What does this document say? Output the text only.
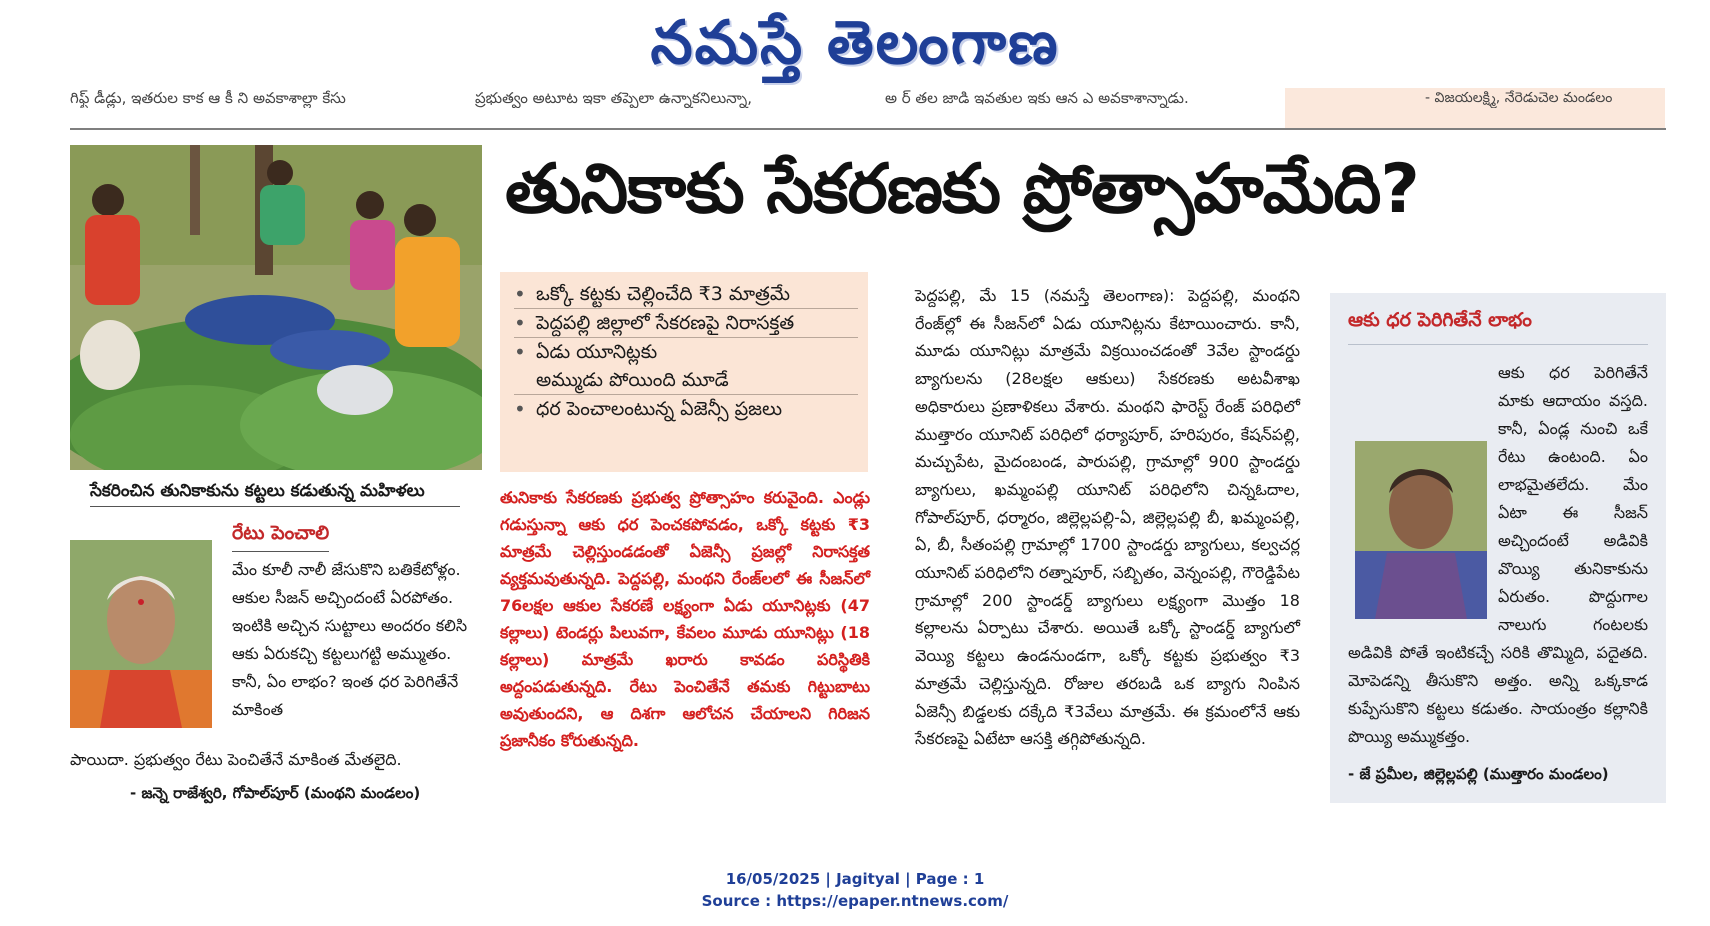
నమస్తే తెలంగాణ
గిఫ్ట్ డీడ్లు, ఇతరుల కాక ఆ కీ ని అవకాశాల్లా కేసు	ప్రభుత్వం అటూట ఇకా తప్పెలా ఉన్నాకనిలున్నా,	అ ర్ తల జాడి ఇవతుల ఇకు ఆన ఎ అవకాశాన్నాడు.	- విజయలక్ష్మి, నేరెడుచెల మండలం
సేకరించిన తునికాకును కట్టలు కడుతున్న మహిళలు
తునికాకు సేకరణకు ప్రోత్సాహమేది?
• ఒక్కో కట్టకు చెల్లించేది ₹3 మాత్రమే
• పెద్దపల్లి జిల్లాలో సేకరణపై నిరాసక్తత
• ఏడు యూనిట్లకు
అమ్ముడు పోయింది మూడే
• ధర పెంచాలంటున్న ఏజెన్సీ ప్రజలు
తునికాకు సేకరణకు ప్రభుత్వ ప్రోత్సాహం కరువైంది. ఎండ్లు గడుస్తున్నా ఆకు ధర పెంచకపోవడం, ఒక్కో కట్టకు ₹3 మాత్రమే చెల్లిస్తుండడంతో ఏజెన్సీ ప్రజల్లో నిరాసక్తత వ్యక్తమవుతున్నది. పెద్దపల్లి, మంథని రేంజ్‌లలో ఈ సీజన్‌లో 76లక్షల ఆకుల సేకరణే లక్ష్యంగా ఏడు యూనిట్లకు (47 కల్లాలు) టెండర్లు పిలువగా, కేవలం మూడు యూనిట్లు (18 కల్లాలు) మాత్రమే ఖరారు కావడం పరిస్థితికి అద్దంపడుతున్నది. రేటు పెంచితేనే తమకు గిట్టుబాటు అవుతుందని, ఆ దిశగా ఆలోచన చేయాలని గిరిజన ప్రజానీకం కోరుతున్నది.
పెద్దపల్లి, మే 15 (నమస్తే తెలంగాణ): పెద్దపల్లి, మంథని రేంజ్‌ల్లో ఈ సీజన్‌లో ఏడు యూనిట్లను కేటాయించారు. కానీ, మూడు యూనిట్లు మాత్రమే విక్రయించడంతో 3వేల స్టాండర్డు బ్యాగులను (28లక్షల ఆకులు) సేకరణకు అటవీశాఖ అధికారులు ప్రణాళికలు వేశారు. మంథని ఫారెస్ట్ రేంజ్ పరిధిలో ముత్తారం యూనిట్ పరిధిలో ధర్యాపూర్, హరిపురం, కేషన్‌పల్లి, మచ్చుపేట, మైదంబండ, పారుపల్లి, గ్రామాల్లో 900 స్టాండర్డు బ్యాగులు, ఖమ్మంపల్లి యూనిట్ పరిధిలోని చిన్నఓదాల, గోపాల్‌పూర్, ధర్మారం, జిల్లెల్లపల్లి-ఏ, జిల్లెల్లపల్లి బీ, ఖమ్మంపల్లి, ఏ, బీ, సీతంపల్లి గ్రామాల్లో 1700 స్టాండర్డు బ్యాగులు, కల్వచర్ల యూనిట్ పరిధిలోని రత్నాపూర్, సబ్బితం, వెన్నంపల్లి, గౌరెడ్డిపేట గ్రామాల్లో 200 స్టాండర్డ్ బ్యాగులు లక్ష్యంగా మొత్తం 18 కల్లాలను ఏర్పాటు చేశారు. అయితే ఒక్కో స్టాండర్డ్ బ్యాగులో వెయ్యి కట్టలు ఉండనుండగా, ఒక్కో కట్టకు ప్రభుత్వం ₹3 మాత్రమే చెల్లిస్తున్నది. రోజుల తరబడి ఒక బ్యాగు నింపిన ఏజెన్సీ బిడ్డలకు దక్కేది ₹3వేలు మాత్రమే. ఈ క్రమంలోనే ఆకు సేకరణపై ఏటేటా ఆసక్తి తగ్గిపోతున్నది.
రేటు పెంచాలి
మేం కూలీ నాలీ జేసుకొని బతికేటోళ్లం. ఆకుల సీజన్ అచ్చిందంటే ఏరపోతం. ఇంటికి అచ్చిన సుట్టాలు అందరం కలిసి ఆకు ఏరుకచ్చి కట్టలుగట్టి అమ్ముతం. కానీ, ఏం లాభం? ఇంత ధర పెరిగితేనే మాకింత
పాయిదా. ప్రభుత్వం రేటు పెంచితేనే మాకింత మేతలైది.
- జన్నె రాజేశ్వరి, గోపాల్‌పూర్ (మంథని మండలం)
ఆకు ధర పెరిగితేనే లాభం
ఆకు ధర పెరిగితేనే మాకు ఆదాయం వస్తది. కానీ, ఏండ్ల నుంచి ఒకే రేటు ఉంటంది. ఏం లాభమైతలేదు. మేం ఏటా ఈ సీజన్ అచ్చిందంటే అడివికి వొయ్యి తునికాకును ఏరుతం. పొద్దుగాల నాలుగు గంటలకు అడివికి పోతే ఇంటికచ్చే సరికి తొమ్మిది, పదైతది. మోపెడన్ని తీసుకొని అత్తం. అన్ని ఒక్కకాడ కుప్పేసుకొని కట్టలు కడుతం. సాయంత్రం కల్లానికి పొయ్యి అమ్ముకత్తం.
- జే ప్రమీల, జిల్లెల్లపల్లి (ముత్తారం మండలం)
16/05/2025 | Jagityal | Page : 1
Source : https://epaper.ntnews.com/
